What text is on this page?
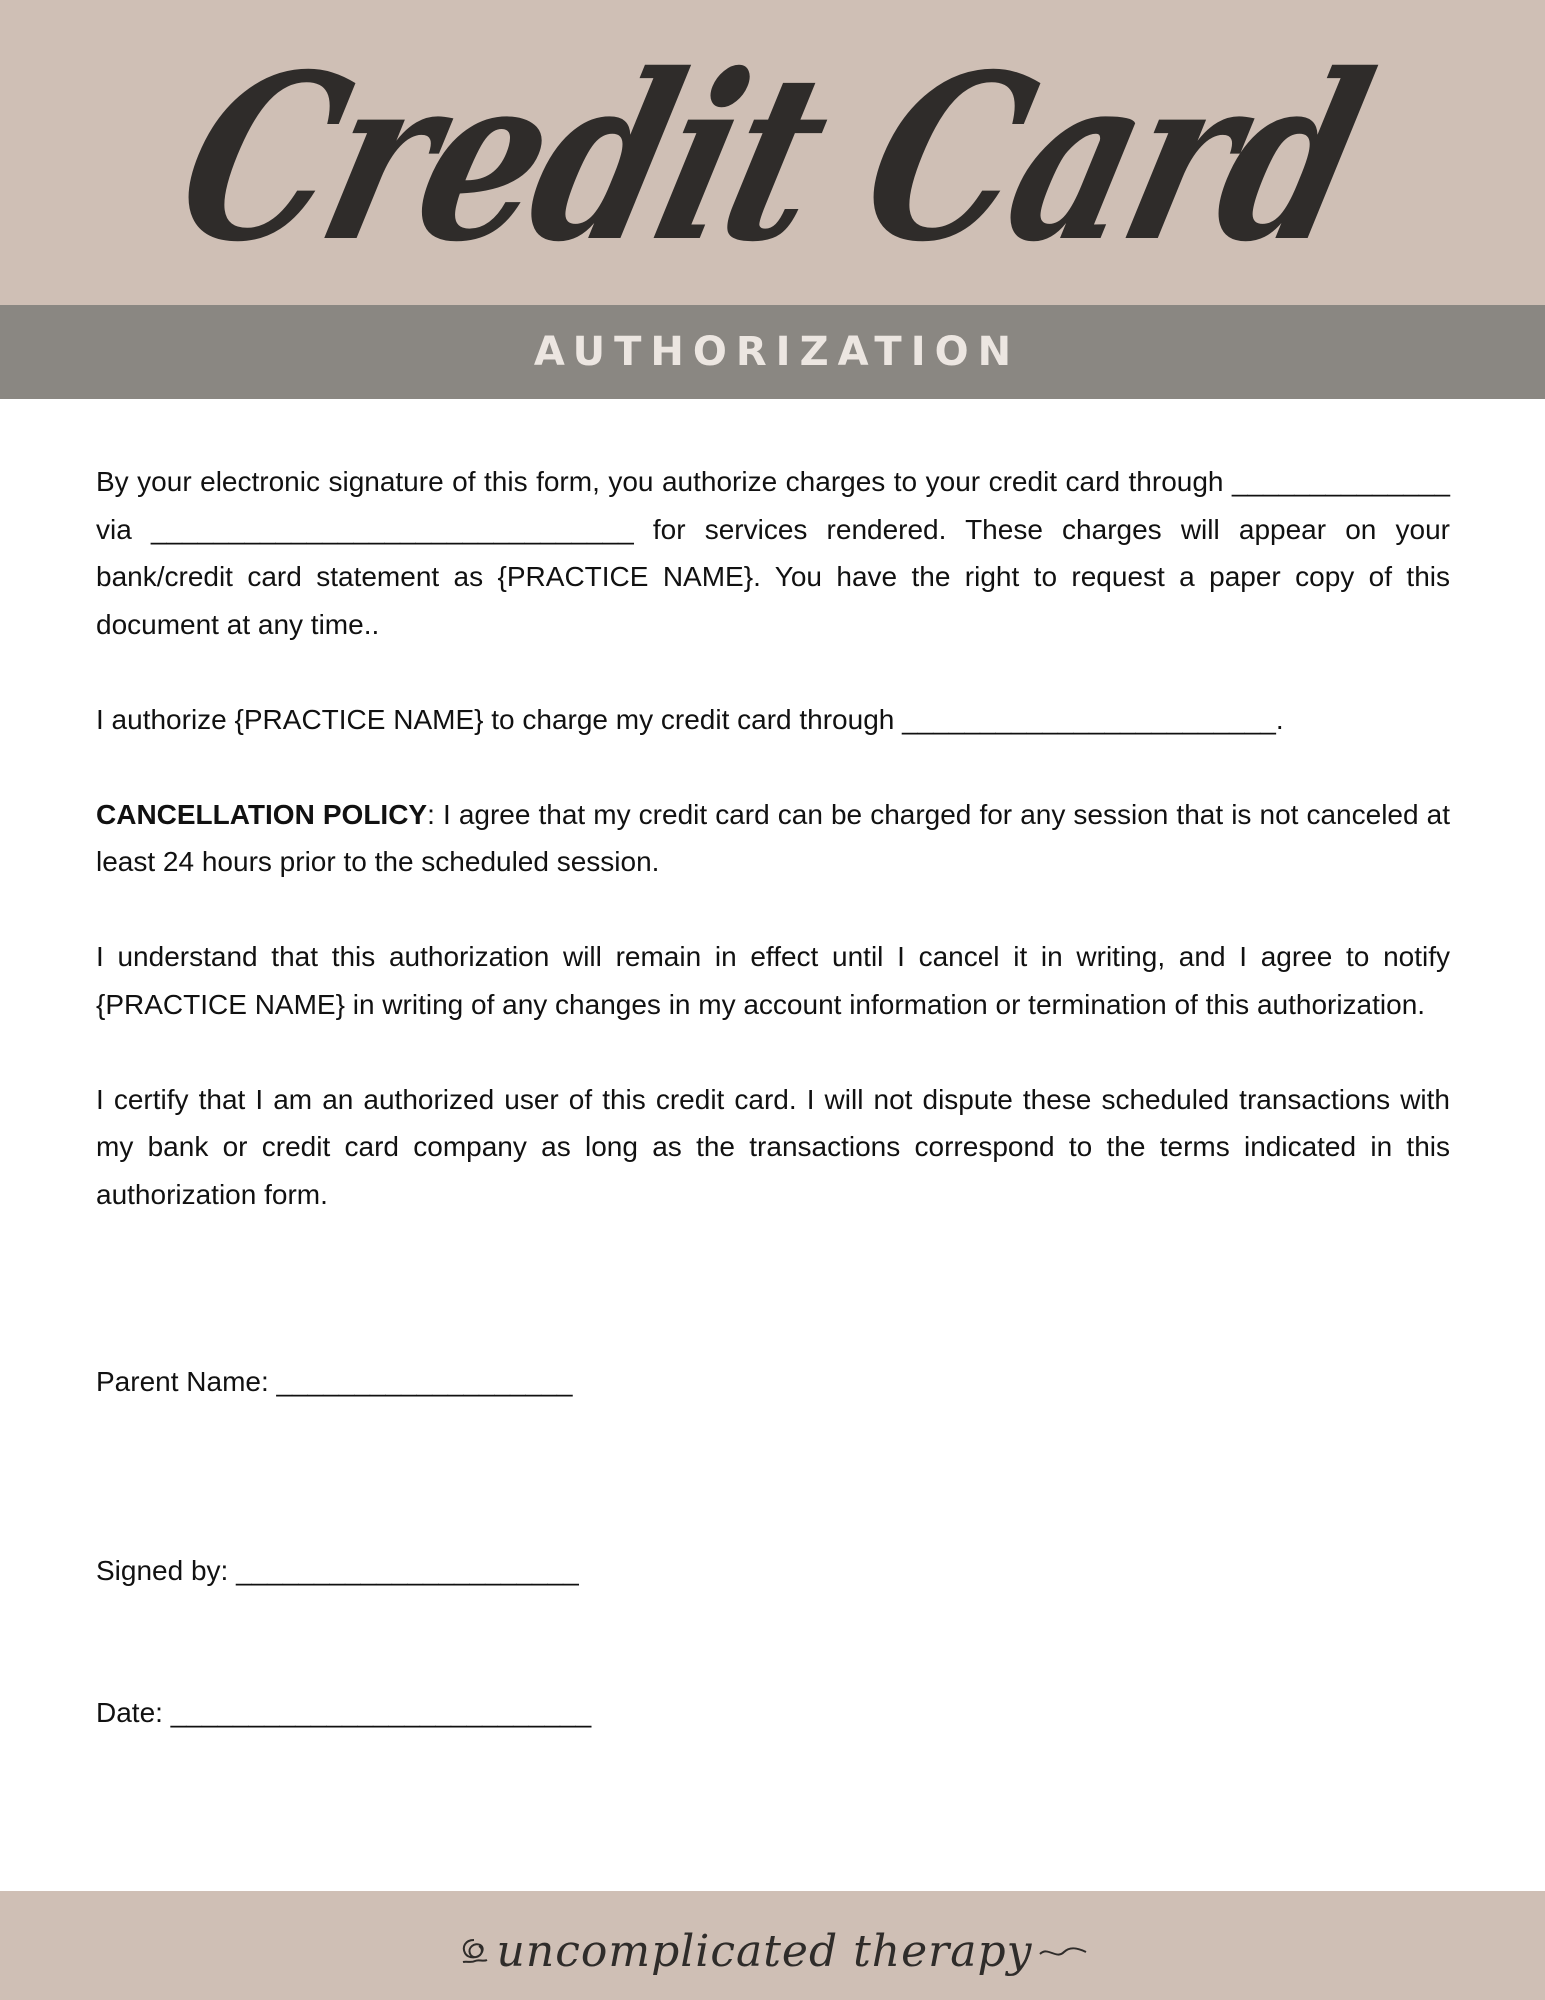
Credit Card
AUTHORIZATION

By your electronic signature of this form, you authorize charges to your credit card through ______________ via _______________________________ for services rendered. These charges will appear on your bank/credit card statement as {PRACTICE NAME}. You have the right to request a paper copy of this document at any time..

I authorize {PRACTICE NAME} to charge my credit card through ________________________.

CANCELLATION POLICY: I agree that my credit card can be charged for any session that is not canceled at least 24 hours prior to the scheduled session.

I understand that this authorization will remain in effect until I cancel it in writing, and I agree to notify {PRACTICE NAME} in writing of any changes in my account information or termination of this authorization.

I certify that I am an authorized user of this credit card. I will not dispute these scheduled transactions with my bank or credit card company as long as the transactions correspond to the terms indicated in this authorization form.

Parent Name: ___________________
Signed by: ______________________
Date: ___________________________
uncomplicated therapy
